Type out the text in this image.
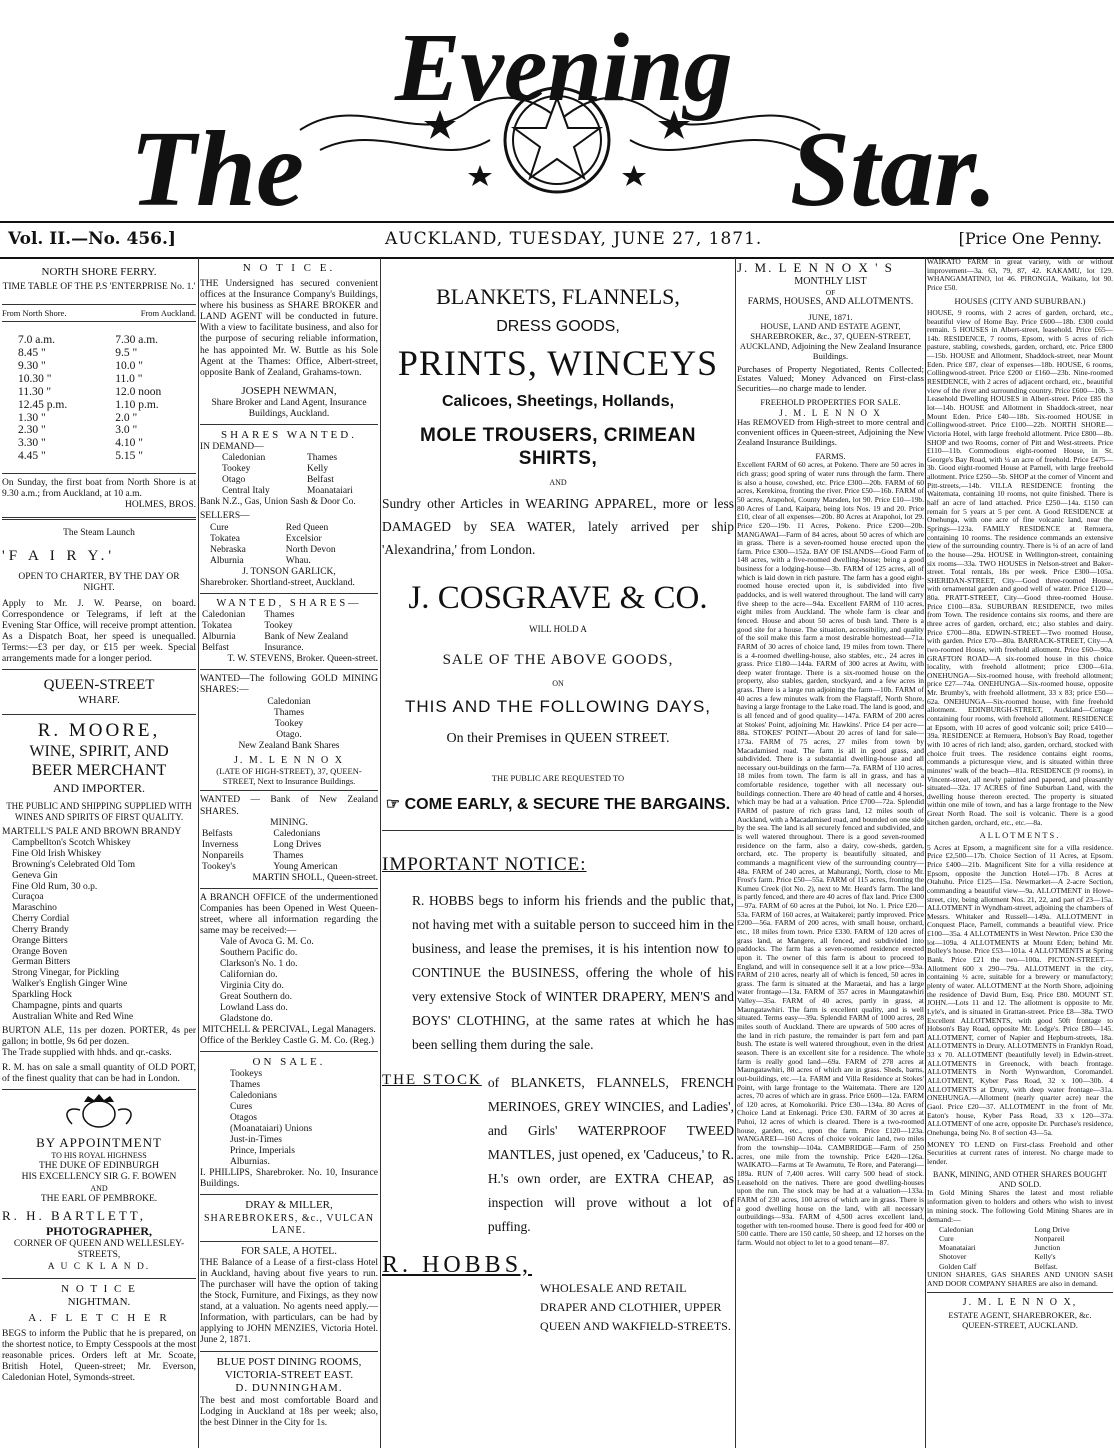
The
Evening
Star.
Vol. II.—No. 456.]	AUCKLAND, TUESDAY, JUNE 27, 1871.	[Price One Penny.
NORTH SHORE FERRY.
TIME TABLE OF THE P.S 'ENTERPRISE No. 1.'
From North Shore.	From Auckland.
7.0 a.m.	7.30 a.m.
8.45 "	9.5 "
9.30 "	10.0 "
10.30 "	11.0 "
11.30 "	12.0 noon
12.45 p.m.	1.10 p.m.
1.30 "	2.0 "
2.30 "	3.0 "
3.30 "	4.10 "
4.45 "	5.15 "
On Sunday, the first boat from North Shore is at 9.30 a.m.; from Auckland, at 10 a.m.
HOLMES, BROS.
The Steam Launch
'F A I R Y.'
OPEN TO CHARTER, BY THE DAY OR NIGHT.
Apply to Mr. J. W. Pearse, on board. Correspondence or Telegrams, if left at the Evening Star Office, will receive prompt attention. As a Dispatch Boat, her speed is unequalled. Terms:—£3 per day, or £15 per week. Special arrangements made for a longer period.
QUEEN-STREET
WHARF.
R. MOORE,
WINE, SPIRIT, AND
BEER MERCHANT
AND IMPORTER.
THE PUBLIC AND SHIPPING SUPPLIED WITH WINES AND SPIRITS OF FIRST QUALITY.
MARTELL'S PALE AND BROWN BRANDY
Campbellton's Scotch Whiskey
Fine Old Irish Whiskey
Browning's Celebrated Old Tom
Geneva Gin
Fine Old Rum, 30 o.p.
Curaçoa
Maraschino
Cherry Cordial
Cherry Brandy
Orange Bitters
Orange Boven
German Bitters
Strong Vinegar, for Pickling
Walker's English Ginger Wine
Sparkling Hock
Champagne, pints and quarts
Australian White and Red Wine
BURTON ALE, 11s per dozen. PORTER, 4s per gallon; in bottle, 9s 6d per dozen.
The Trade supplied with hhds. and qr.-casks.
R. M. has on sale a small quantity of OLD PORT, of the finest quality that can be had in London.
BY APPOINTMENT
TO HIS ROYAL HIGHNESS
THE DUKE OF EDINBURGH
HIS EXCELLENCY SIR G. F. BOWEN
AND
THE EARL OF PEMBROKE.
R. H. BARTLETT,
PHOTOGRAPHER,
CORNER OF QUEEN AND WELLESLEY-STREETS,
A U C K L A N D.
N O T I C E
NIGHTMAN.
A. F L E T C H E R
BEGS to inform the Public that he is prepared, on the shortest notice, to Empty Cesspools at the most reasonable prices. Orders left at Mr. Scoate, British Hotel, Queen-street; Mr. Everson, Caledonian Hotel, Symonds-street.
N O T I C E.
THE Undersigned has secured convenient offices at the Insurance Company's Buildings, where his business as SHARE BROKER and LAND AGENT will be conducted in future. With a view to facilitate business, and also for the purpose of securing reliable information, he has appointed Mr. W. Buttle as his Sole Agent at the Thames: Office, Albert-street, opposite Bank of Zealand, Grahams-town.
JOSEPH NEWMAN,
Share Broker and Land Agent, Insurance Buildings, Auckland.
SHARES WANTED.
IN DEMAND—
Caledonian	Thames
Tookey	Kelly
Otago	Belfast
Central Italy	Moanataiari
Bank N.Z., Gas, Union Sash & Door Co.
SELLERS—
Cure	Red Queen
Tokatea	Excelsior
Nebraska	North Devon
Alburnia	Whau.
J. TONSON GARLICK,
Sharebroker. Shortland-street, Auckland.
WANTED, SHARES—
Caledonian	Thames
Tokatea	Tookey
Alburnia	Bank of New Zealand
Belfast	Insurance.
T. W. STEVENS, Broker. Queen-street.
WANTED—The following GOLD MINING SHARES:—
Caledonian
Thames
Tookey
Otago.
New Zealand Bank Shares
J. M. L E N N O X
(LATE OF HIGH-STREET), 37, QUEEN-STREET, Next to Insurance Buildings.
WANTED — Bank of New Zealand SHARES.
MINING.
Belfasts	Caledonians
Inverness	Long Drives
Nonpareils	Thames
Tookey's	Young American
MARTIN SHOLL, Queen-street.
A BRANCH OFFICE of the undermentioned Companies has been Opened in West Queen-street, where all information regarding the same may be received:—
Vale of Avoca G. M. Co.
Southern Pacific do.
Clarkson's No. 1 do.
Californian do.
Virginia City do.
Great Southern do.
Lowland Lass do.
Gladstone do.
MITCHELL & PERCIVAL, Legal Managers.
Office of the Berkley Castle G. M. Co. (Reg.)
ON SALE.
Tookeys
Thames
Caledonians
Cures
Otagos
(Moanataiari) Unions
Just-in-Times
Prince, Imperials
Alburnias.
I. PHILLIPS, Sharebroker. No. 10, Insurance Buildings.
DRAY & MILLER,
SHAREBROKERS, &c., VULCAN LANE.
FOR SALE, A HOTEL.
THE Balance of a Lease of a first-class Hotel in Auckland, having about five years to run. The purchaser will have the option of taking the Stock, Furniture, and Fixings, as they now stand, at a valuation. No agents need apply.—Information, with particulars, can be had by applying to JOHN MENZIES, Victoria Hotel. June 2, 1871.
BLUE POST DINING ROOMS, VICTORIA-STREET EAST.
D. DUNNINGHAM.
The best and most comfortable Board and Lodging in Auckland at 18s per week; also, the best Dinner in the City for 1s.
BLANKETS, FLANNELS,
DRESS GOODS,
PRINTS, WINCEYS
Calicoes, Sheetings, Hollands,
MOLE TROUSERS, CRIMEAN SHIRTS,
AND
Sundry other Articles in WEARING APPAREL, more or less DAMAGED by SEA WATER, lately arrived per ship 'Alexandrina,' from London.
J. COSGRAVE & CO.
WILL HOLD A
SALE OF THE ABOVE GOODS,
ON
THIS AND THE FOLLOWING DAYS,
On their Premises in QUEEN STREET.
THE PUBLIC ARE REQUESTED TO
☞ COME EARLY, & SECURE THE BARGAINS.
IMPORTANT NOTICE:
R. HOBBS begs to inform his friends and the public that, not having met with a suitable person to succeed him in the business, and lease the premises, it is his intention now to CONTINUE the BUSINESS, offering the whole of his very extensive Stock of WINTER DRAPERY, MEN'S and BOYS' CLOTHING, at the same rates at which he has been selling them during the sale.
THE STOCK of BLANKETS, FLANNELS, FRENCH MERINOES, GREY WINCIES, and Ladies', and Girls' WATERPROOF TWEED MANTLES, just opened, ex 'Caduceus,' to R. H.'s own order, are EXTRA CHEAP, as inspection will prove without a lot of puffing.
R. HOBBS,
WHOLESALE AND RETAIL DRAPER AND CLOTHIER, UPPER QUEEN AND WAKFIELD-STREETS.
J. M. L E N N O X ' S
MONTHLY LIST
OF
FARMS, HOUSES, AND ALLOTMENTS.
JUNE, 1871.
HOUSE, LAND AND ESTATE AGENT, SHAREBROKER, &c., 37, QUEEN-STREET, AUCKLAND, Adjoining the New Zealand Insurance Buildings.
Purchases of Property Negotiated, Rents Collected; Estates Valued; Money Advanced on First-class Securities—no charge made to lender.
FREEHOLD PROPERTIES FOR SALE.
J. M. L E N N O X
Has REMOVED from High-street to more central and convenient offices in Queen-street, Adjoining the New Zealand Insurance Buildings.
FARMS.
Excellent FARM of 60 acres, at Pokeno. There are 50 acres in rich grass; good spring of water runs through the farm. There is also a house, cowshed, etc. Price £300—20b. FARM of 60 acres, Kerekiroa, fronting the river. Price £50—16b. FARM of 50 acres, Arapohoi, County Marsden, lot 90. Price £10—19b. 80 Acres of Land, Kaipara, being lots Nos. 19 and 20. Price £10, clear of all expenses—20b. 80 Acres at Arapohoi, lot 29. Price £20—19b. 11 Acres, Pokeno. Price £200—20b. MANGAWAI—Farm of 84 acres, about 50 acres of which are in grass. There is a seven-roomed house erected upon the farm. Price £300—152a. BAY OF ISLANDS—Good Farm of 148 acres, with a five-roomed dwelling-house; being a good business for a lodging-house—3b. FARM of 125 acres, all of which is laid down in rich pasture. The farm has a good eight-roomed house erected upon it, is subdivided into five paddocks, and is well watered throughout. The land will carry five sheep to the acre—94a. Excellent FARM of 110 acres, eight miles from Auckland. The whole farm is clear and fenced. House and about 50 acres of bush land. There is a good site for a house. The situation, accessibility, and quality of the soil make this farm a most desirable homestead—71a. FARM of 30 acres of choice land, 19 miles from town. There is a 4-roomed dwelling-house, also stables, etc., 24 acres in grass. Price £180—144a. FARM of 300 acres at Awitu, with deep water frontage. There is a six-roomed house on the property, also stables, garden, stockyard, and a few acres in grass. There is a large run adjoining the farm—10b. FARM of 40 acres a few minutes walk from the Flagstaff, North Shore, having a large frontage to the Lake road. The land is good, and is all fenced and of good quality—147a. FARM of 200 acres at Stokes' Point, adjoining Mr. Hawkins'. Price £4 per acre—88a. STOKES' POINT—About 20 acres of land for sale—173a. FARM of 75 acres, 27 miles from town by Macadamised road. The farm is all in good grass, and subdivided. There is a substantial dwelling-house and all necessary out-buildings on the farm—7a. FARM of 110 acres, 18 miles from town. The farm is all in grass, and has a comfortable residence, together with all necessary out-buildings connection. There are 40 head of cattle and 4 horses, which may be had at a valuation. Price £700—72a. Splendid FARM of pasture of rich grass land, 12 miles south of Auckland, with a Macadamised road, and bounded on one side by the sea. The land is all securely fenced and subdivided, and is well watered throughout. There is a good seven-roomed residence on the farm, also a dairy, cow-sheds, garden, orchard, etc. The property is beautifully situated, and commands a magnificent view of the surrounding country—48a. FARM of 240 acres, at Mahurangi, North, close to Mr. Frost's farm. Price £50—55a. FARM of 115 acres, fronting the Kumeu Creek (lot No. 2), next to Mr. Heard's farm. The land is partly fenced, and there are 40 acres of flax land. Price £300—97a. FARM of 60 acres at the Puhoi, lot No. 1. Price £20—53a. FARM of 160 acres, at Waitakerei; partly improved. Price £200—56a. FARM of 200 acres, with small house, orchard, etc., 18 miles from town. Price £330. FARM of 120 acres of grass land, at Mangere, all fenced, and subdivided into paddocks. The farm has a seven-roomed residence erected upon it. The owner of this farm is about to proceed to England, and will in consequence sell it at a low price—93a. FARM of 210 acres, nearly all of which is fenced, 50 acres in grass. The farm is situated at the Maraetai, and has a large water frontage—13a. FARM of 357 acres in Maungatawhiri Valley—35a. FARM of 40 acres, partly in grass, at Maungatawhiri. The farm is excellent quality, and is well situated. Terms easy—39a. Splendid FARM of 1000 acres, 28 miles south of Auckland. There are upwards of 500 acres of the land in rich pasture, the remainder is part fern and part bush. The estate is well watered throughout, even in the driest season. There is an excellent site for a residence. The whole farm is really good land—69a. FARM of 278 acres at Maungatawhiri, 80 acres of which are in grass. Sheds, barns, out-buildings, etc.—1a. FARM and Villa Residence at Stokes' Point, with large frontage to the Waitemata. There are 120 acres, 70 acres of which are in grass. Price £600—12a. FARM of 120 acres, at Komokoriki. Price £30—134a. 80 Acres of Choice Land at Enkenagi. Price £30. FARM of 30 acres at Puhoi, 12 acres of which is cleared. There is a two-roomed house, garden, etc., upon the farm. Price £120—123a. WANGAREI—160 Acres of choice volcanic land, two miles from the township—104a. CAMBRIDGE—Farm of 250 acres, one mile from the township. Price £420—126a. WAIKATO—Farms at Te Awamutu, Te Rore, and Paterangi—189a. RUN of 7,400 acres. Will carry 500 head of stock. Leasehold on the natives. There are good dwelling-houses upon the run. The stock may be had at a valuation—133a. FARM of 230 acres, 100 acres of which are in grass. There is a good dwelling house on the land, with all necessary outbuildings—93a. FARM of 4,500 acres excellent land, together with ten-roomed house. There is good feed for 400 or 500 cattle. There are 150 cattle, 50 sheep, and 12 horses on the farm. Would not object to let to a good tenant—87.
WAIKATO FARM in great variety, with or without improvement—3a. 63, 79, 87, 42. KAKAMU, lot 129. WHANGAMATINO, lot 46. PIRONGIA, Waikato, lot 90. Price £50.
HOUSES (CITY AND SUBURBAN.)
HOUSE, 9 rooms, with 2 acres of garden, orchard, etc., beautiful view of Home Bay. Price £600—18b. £300 could remain. 5 HOUSES in Albert-street, leasehold. Price £65—14b. RESIDENCE, 7 rooms, Epsom, with 5 acres of rich pasture, stabling, cowsheds, garden, orchard, etc. Price £800—15b. HOUSE and Allotment, Shaddock-street, near Mount Eden. Price £87, clear of expenses—18b. HOUSE, 6 rooms, Collingwood-street. Price £200 or £160—23b. Nine-roomed RESIDENCE, with 2 acres of adjacent orchard, etc., beautiful view of the river and surrounding country. Price £600—10b. 3 Leasehold Dwelling HOUSES in Albert-street. Price £85 the lot—14b. HOUSE and Allotment in Shaddock-street, near Mount Eden. Price £40—18b. Six-roomed HOUSE in Collingwood-street. Price £100—22b. NORTH SHORE—Victoria Hotel, with large freehold allotment. Price £800—8b. SHOP and two Rooms, corner of Pitt and West-streets. Price £110—11b. Commodious eight-roomed House, in St. George's Bay Road, with ¼ an acre of freehold. Price £475—3b. Good eight-roomed House at Parnell, with large freehold allotment. Price £250—5b. SHOP at the corner of Vincent and Pitt-streets,—14b. VILLA RESIDENCE fronting the Waitemata, containing 10 rooms, not quite finished. There is half an acre of land attached. Price £250—14a. £150 can remain for 5 years at 5 per cent. A Good RESIDENCE at Onehunga, with one acre of fine volcanic land, near the Springs—123a. FAMILY RESIDENCE at Remuera, containing 10 rooms. The residence commands an extensive view of the surrounding country. There is ¼ of an acre of land to the house—29a. HOUSE in Wellington-street, containing six rooms—33a. TWO HOUSES in Nelson-street and Baker-street. Total rentals, 18s per week. Price £300—105a. SHERIDAN-STREET, City—Good three-roomed House, with ornamental garden and good well of water. Price £120—80a. PRATT-STREET, City—Good three-roomed House. Price £100—83a. SUBURBAN RESIDENCE, two miles from Town. The residence contains six rooms, and there are three acres of garden, orchard, etc.; also stables and dairy. Price £700—80a. EDWIN-STREET—Two roomed House, with garden. Price £70—80a. BARRACK-STREET, City—A two-roomed House, with freehold allotment. Price £60—90a. GRAFTON ROAD—A six-roomed house in this choice locality, with freehold allotment; price £300—61a. ONEHUNGA—Six-roomed house, with freehold allotment; price £27—74a. ONEHUNGA—Six-roomed house, opposite Mr. Brumby's, with freehold allotment, 33 x 83; price £50—62a. ONEHUNGA—Six-roomed house, with fine freehold allotment. EDINBURGH-STREET, Auckland—Cottage containing four rooms, with freehold allotment. RESIDENCE at Epsom, with 10 acres of good volcanic soil; price £410—39a. RESIDENCE at Remuera, Hobson's Bay Road, together with 10 acres of rich land; also, garden, orchard, stocked with choice fruit trees. The residence contains eight rooms, commands a picturesque view, and is situated within three minutes' walk of the beach—81a. RESIDENCE (9 rooms), in Vincent-street, all newly painted and papered, and pleasantly situated—32a. 17 ACRES of fine Suburban Land, with the dwelling house thereon erected. The property is situated within one mile of town, and has a large frontage to the New Great North Road. The soil is volcanic. There is a good kitchen garden, orchard, etc., etc.—8a.
ALLOTMENTS.
5 Acres at Epsom, a magnificent site for a villa residence. Price £2,500—17b. Choice Section of 11 Acres, at Epsom. Price £400—21b. Magnificent Site for a villa residence at Epsom, opposite the Junction Hotel—17b. 8 Acres at Otahuhu. Price £125—15a. Newmarket—A 2-acre Section, commanding a beautiful view—9a. ALLOTMENT in Howe-street, city, being allotment Nos. 21, 22, and part of 23—15a. ALLOTMENT in Wyndham-street, adjoining the chambers of Messrs. Whitaker and Russell—149a. ALLOTMENT in Conquest Place, Parnell, commands a beautiful view. Price £100—35a. 4 ALLOTMENTS in West Newton. Price £30 the lot—109a. 4 ALLOTMENTS at Mount Eden; behind Mr. Bolley's house. Price £53—101a. 4 ALLOTMENTS at Spring Bank. Price £21 the two—100a. PICTON-STREET.—Allotment 600 x 290—79a. ALLOTMENT in the city, containing ½ acre, suitable for a brewery or manufactory; plenty of water. ALLOTMENT at the North Shore, adjoining the residence of David Burn, Esq. Price £80. MOUNT ST. JOHN.—Lots 11 and 12. The allotment is opposite to Mr. Lyle's, and is situated in Grattan-street. Price £8—38a. TWO Excellent ALLOTMENTS, with good 50ft frontage to Hobson's Bay Road, opposite Mr. Lodge's. Price £80—145. ALLOTMENT, corner of Napier and Hepburn-streets, 18a. ALLOTMENTS in Drury. ALLOTMENTS in Franklyn Road, 33 x 70. ALLOTMENT (beautifully level) in Edwin-street. ALLOTMENTS in Greenock, with beach frontage. ALLOTMENTS in North Wynwardton, Coromandel. ALLOTMENT, Kyber Pass Road, 32 x 100—30b. 4 ALLOTMENTS at Drury, with deep water frontage—31a. ONEHUNGA.—Allotment (nearly quarter acre) near the Gaol. Price £20—37. ALLOTMENT in the front of Mr. Eaton's house, Kyber Pass Road, 33 x 120—37a. ALLOTMENT of one acre, opposite Dr. Purchase's residence, Onehunga, being No. 8 of section 43—5a.
MONEY TO LEND on First-class Freehold and other Securities at current rates of interest. No charge made to lender.
BANK, MINING, AND OTHER SHARES BOUGHT AND SOLD.
In Gold Mining Shares the latest and most reliable information given to holders and others who wish to invest in mining stock. The following Gold Mining Shares are in demand:—
Caledonian	Long Drive
Cure	Nonpareil
Moanataiari	Junction
Shotover	Kelly's
Golden Calf	Belfast.
UNION SHARES, GAS SHARES AND UNION SASH AND DOOR COMPANY SHARES are also in demand.
J. M. L E N N O X,
ESTATE AGENT, SHAREBROKER, &c.
QUEEN-STREET, AUCKLAND.
